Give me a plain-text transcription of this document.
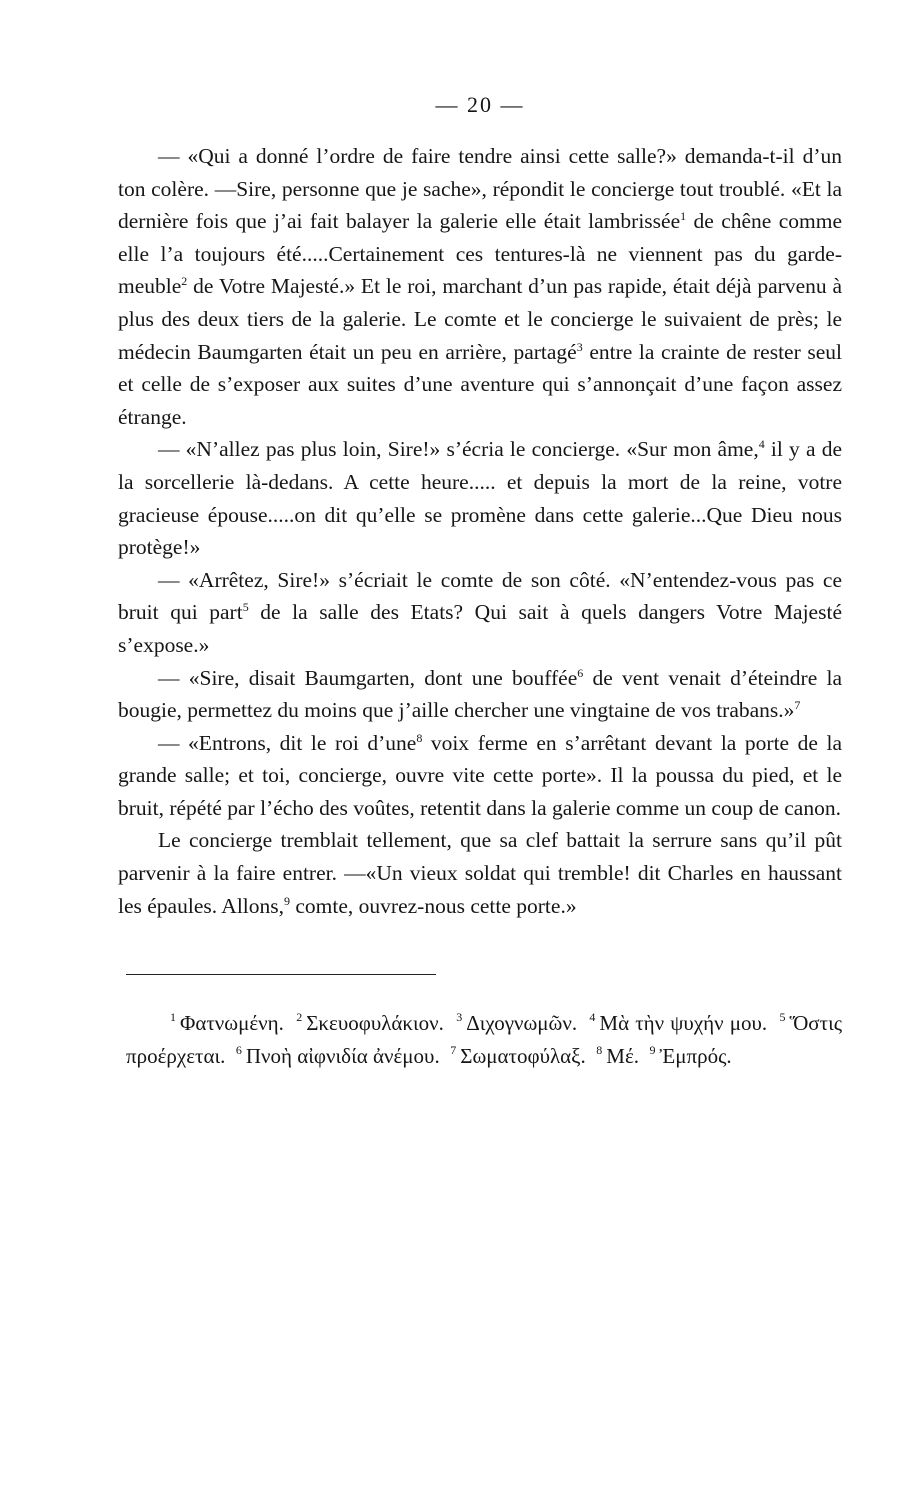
— 20 —

— «Qui a donné l’ordre de faire tendre ainsi cette salle?» demanda-t-il d’un ton colère. —Sire, personne que je sache», répondit le concierge tout troublé. «Et la dernière fois que j’ai fait balayer la galerie elle était lambrissée$^1$ de chêne comme elle l’a toujours été.....Certainement ces tentures-là ne viennent pas du garde-meuble$^2$ de Votre Majesté.» Et le roi, marchant d’un pas rapide, était déjà parvenu à plus des deux tiers de la galerie. Le comte et le concierge le suivaient de près; le médecin Baumgarten était un peu en arrière, partagé$^3$ entre la crainte de rester seul et celle de s’exposer aux suites d’une aventure qui s’annonçait d’une façon assez étrange.

— «N’allez pas plus loin, Sire!» s’écria le concierge. «Sur mon âme,$^4$ il y a de la sorcellerie là-dedans. A cette heure..... et depuis la mort de la reine, votre gracieuse épouse.....on dit qu’elle se promène dans cette galerie...Que Dieu nous protège!»

— «Arrêtez, Sire!» s’écriait le comte de son côté. «N’entendez-vous pas ce bruit qui part$^5$ de la salle des Etats? Qui sait à quels dangers Votre Majesté s’expose.»

— «Sire, disait Baumgarten, dont une bouffée$^6$ de vent venait d’éteindre la bougie, permettez du moins que j’aille chercher une vingtaine de vos trabans.»$^7$

— «Entrons, dit le roi d’une$^8$ voix ferme en s’arrêtant devant la porte de la grande salle; et toi, concierge, ouvre vite cette porte». Il la poussa du pied, et le bruit, répété par l’écho des voûtes, retentit dans la galerie comme un coup de canon.

Le concierge tremblait tellement, que sa clef battait la serrure sans qu’il pût parvenir à la faire entrer. —«Un vieux soldat qui tremble! dit Charles en haussant les épaules. Allons,$^9$ comte, ouvrez-nous cette porte.»

$^1$ Φατνωμένη. $^2$ Σκευοφυλάκιον. $^3$ Διχογνωμῶν. $^4$ Μὰ τὴν ψυχήν μου. $^5$ Ὅστις προέρχεται. $^6$ Πνοὴ αἰφνιδία ἀνέμου. $^7$ Σωματοφύλαξ. $^8$ Μέ. $^9$ Ἐμπρός.
